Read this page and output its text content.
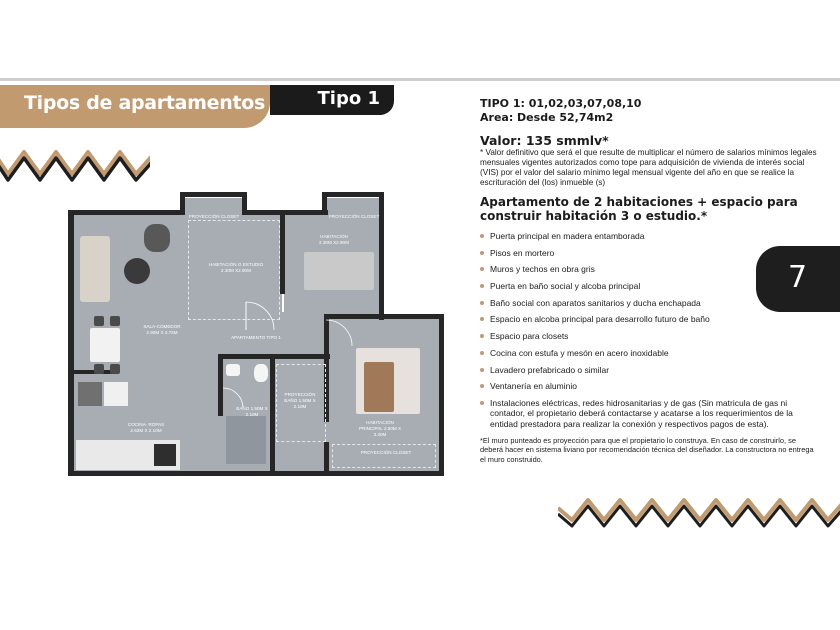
Tipos de apartamentos	Tipo 1
7
PROYECCIÓN CLOSET	PROYECCIÓN CLOSET
HABITACIÓN 2.30M X2.90M
HABITACIÓN O ESTUDIO 2.30M X2.90M
SALA-COMEDOR 2.90M X 3.75M
APARTAMENTO TIPO 1
PROYECCIÓN BAÑO 1.50M X 2.10M
BAÑO 1.50M X 2.10M
COCINA- ROPAS 2.63M X 2.10M
HABITACIÓN PRINCIPAL 2.50M X 3.20M
PROYECCIÓN CLOSET

TIPO 1: 01,02,03,07,08,10

Area: Desde 52,74m2

Valor: 135 smmlv*

* Valor definitivo que será el que resulte de multiplicar el número de salarios mínimos legales mensuales vigentes autorizados como tope para adquisición de vivienda de interés social (VIS) por el valor del salario mínimo legal mensual vigente del año en que se realice la escrituración del (los) inmueble (s)

Apartamento de 2 habitaciones + espacio para construir habitación 3 o estudio.*

Puerta principal en madera entamborada
Pisos en mortero
Muros y techos en obra gris
Puerta en baño social y alcoba principal
Baño social con aparatos sanitarios y ducha enchapada
Espacio en alcoba principal para desarrollo futuro de baño
Espacio para closets
Cocina con estufa y mesón en acero inoxidable
Lavadero prefabricado o similar
Ventanería en aluminio
Instalaciones eléctricas, redes hidrosanitarias y de gas (Sin matricula de gas ni contador, el propietario deberá contactarse y acatarse a los requerimientos de la entidad prestadora para realizar la conexión y respectivos pagos de esta).

*El muro punteado es proyección para que el propietario lo construya. En caso de construirlo, se deberá hacer en sistema liviano por recomendación técnica del diseñador. La constructora no entrega el muro construido.
